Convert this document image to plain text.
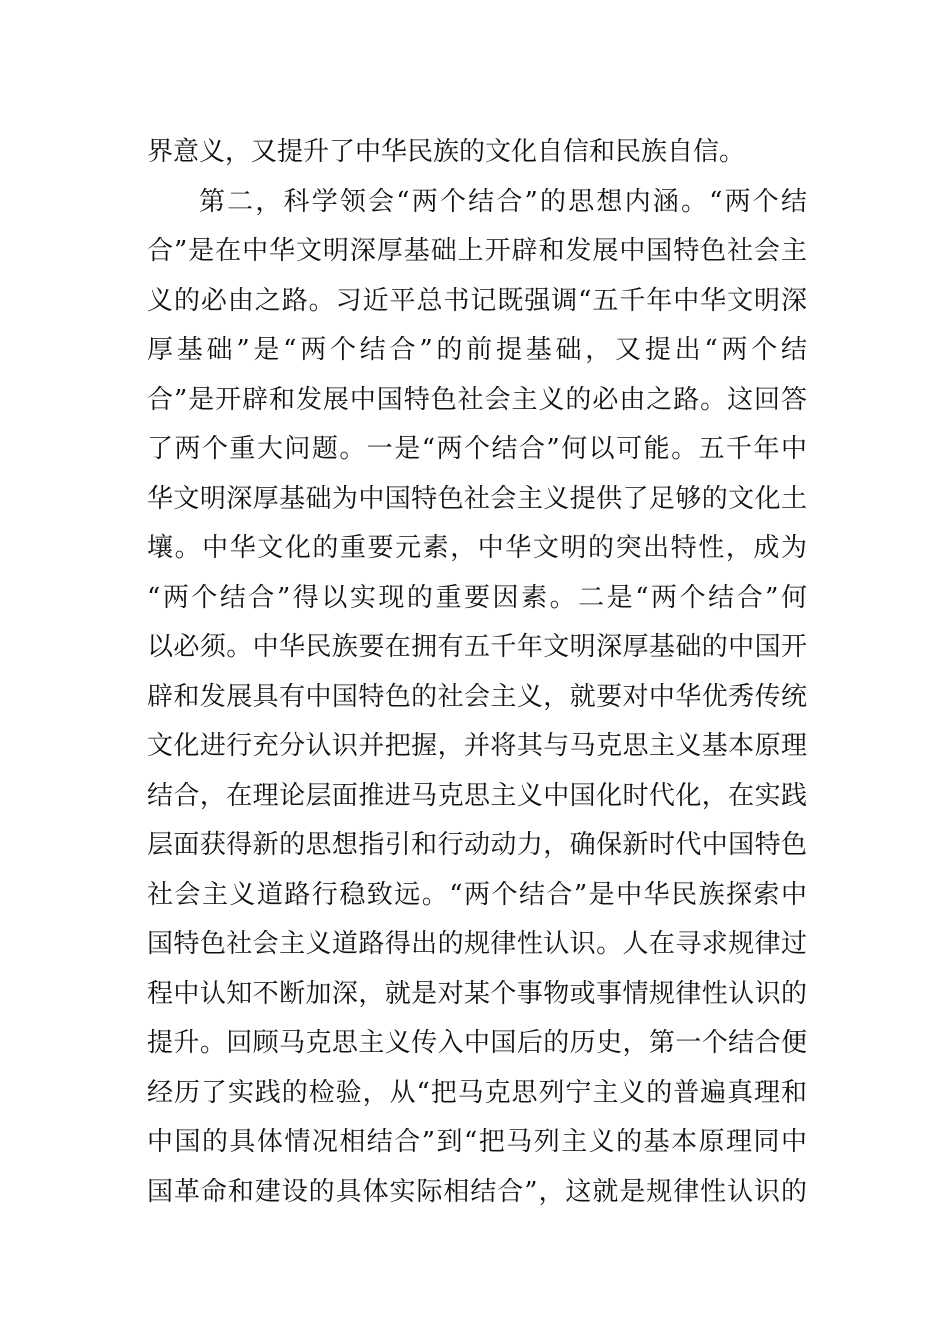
界意义，又提升了中华民族的文化自信和民族自信。
第二，科学领会“两个结合”的思想内涵。“两个结
合”是在中华文明深厚基础上开辟和发展中国特色社会主
义的必由之路。习近平总书记既强调“五千年中华文明深
厚基础”是“两个结合”的前提基础，又提出“两个结
合”是开辟和发展中国特色社会主义的必由之路。这回答
了两个重大问题。一是“两个结合”何以可能。五千年中
华文明深厚基础为中国特色社会主义提供了足够的文化土
壤。中华文化的重要元素，中华文明的突出特性，成为
“两个结合”得以实现的重要因素。二是“两个结合”何
以必须。中华民族要在拥有五千年文明深厚基础的中国开
辟和发展具有中国特色的社会主义，就要对中华优秀传统
文化进行充分认识并把握，并将其与马克思主义基本原理
结合，在理论层面推进马克思主义中国化时代化，在实践
层面获得新的思想指引和行动动力，确保新时代中国特色
社会主义道路行稳致远。“两个结合”是中华民族探索中
国特色社会主义道路得出的规律性认识。人在寻求规律过
程中认知不断加深，就是对某个事物或事情规律性认识的
提升。回顾马克思主义传入中国后的历史，第一个结合便
经历了实践的检验，从“把马克思列宁主义的普遍真理和
中国的具体情况相结合”到“把马列主义的基本原理同中
国革命和建设的具体实际相结合”，这就是规律性认识的
